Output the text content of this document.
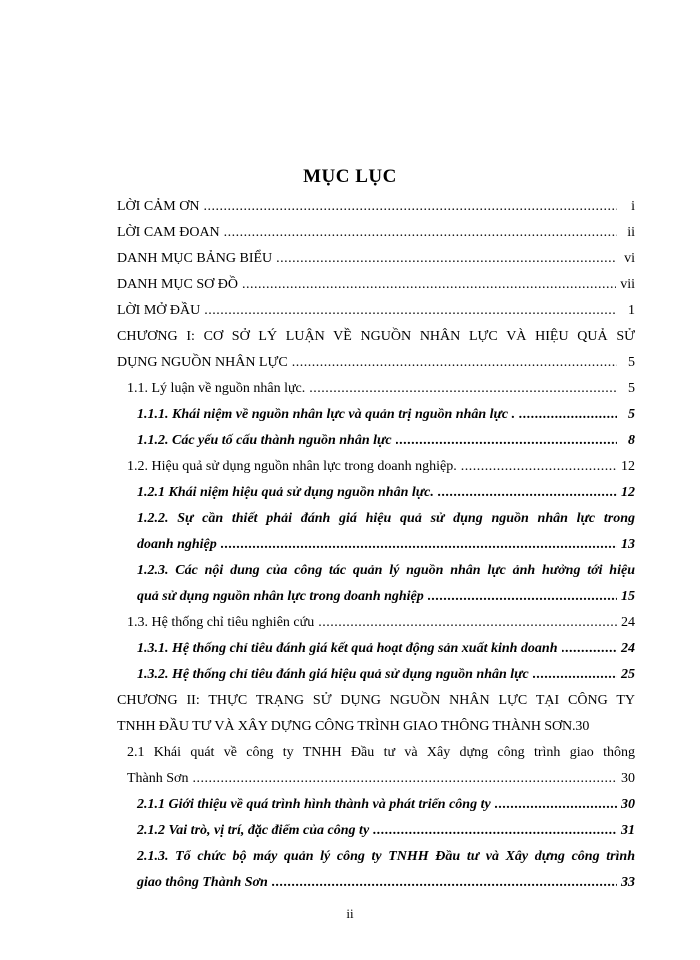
MỤC LỤC
LỜI CẢM ƠN .....	i
LỜI CAM ĐOAN .....	ii
DANH MỤC BẢNG BIỂU .....	vi
DANH MỤC SƠ ĐỒ .....	vii
LỜI MỞ ĐẦU .....	1
CHƯƠNG I: CƠ SỞ LÝ LUẬN VỀ NGUỒN NHÂN LỰC VÀ HIỆU QUẢ SỬ
DỤNG NGUỒN NHÂN LỰC .....	5
1.1. Lý luận về nguồn nhân lực. .....	5
1.1.1. Khái niệm về nguồn nhân lực và quản trị nguồn nhân lực . .....	5
1.1.2. Các yếu tố cấu thành nguồn nhân lực .....	8
1.2. Hiệu quả sử dụng nguồn nhân lực trong doanh nghiệp. .....	12
1.2.1 Khái niệm hiệu quả sử dụng nguồn nhân lực. .....	12
1.2.2. Sự cần thiết phải đánh giá hiệu quả sử dụng nguồn nhân lực trong
doanh nghiệp .....	13
1.2.3. Các nội dung của công tác quản lý nguồn nhân lực ảnh hưởng tới hiệu
quả sử dụng nguồn nhân lực trong doanh nghiệp .....	15
1.3. Hệ thống chỉ tiêu nghiên cứu .....	24
1.3.1. Hệ thống chỉ tiêu đánh giá kết quả hoạt động sản xuất kinh doanh .....	24
1.3.2. Hệ thống chỉ tiêu đánh giá hiệu quả sử dụng nguồn nhân lực .....	25
CHƯƠNG II: THỰC TRẠNG SỬ DỤNG NGUỒN NHÂN LỰC TẠI CÔNG TY
TNHH ĐẦU TƯ VÀ XÂY DỰNG CÔNG TRÌNH GIAO THÔNG THÀNH SƠN.30
2.1 Khái quát về công ty TNHH Đầu tư và Xây dựng công trình giao thông
Thành Sơn .....	30
2.1.1 Giới thiệu về quá trình hình thành và phát triển công ty .....	30
2.1.2 Vai trò, vị trí, đặc điểm của công ty .....	31
2.1.3. Tổ chức bộ máy quản lý công ty TNHH Đầu tư và Xây dựng công trình
giao thông Thành Sơn .....	33
ii
